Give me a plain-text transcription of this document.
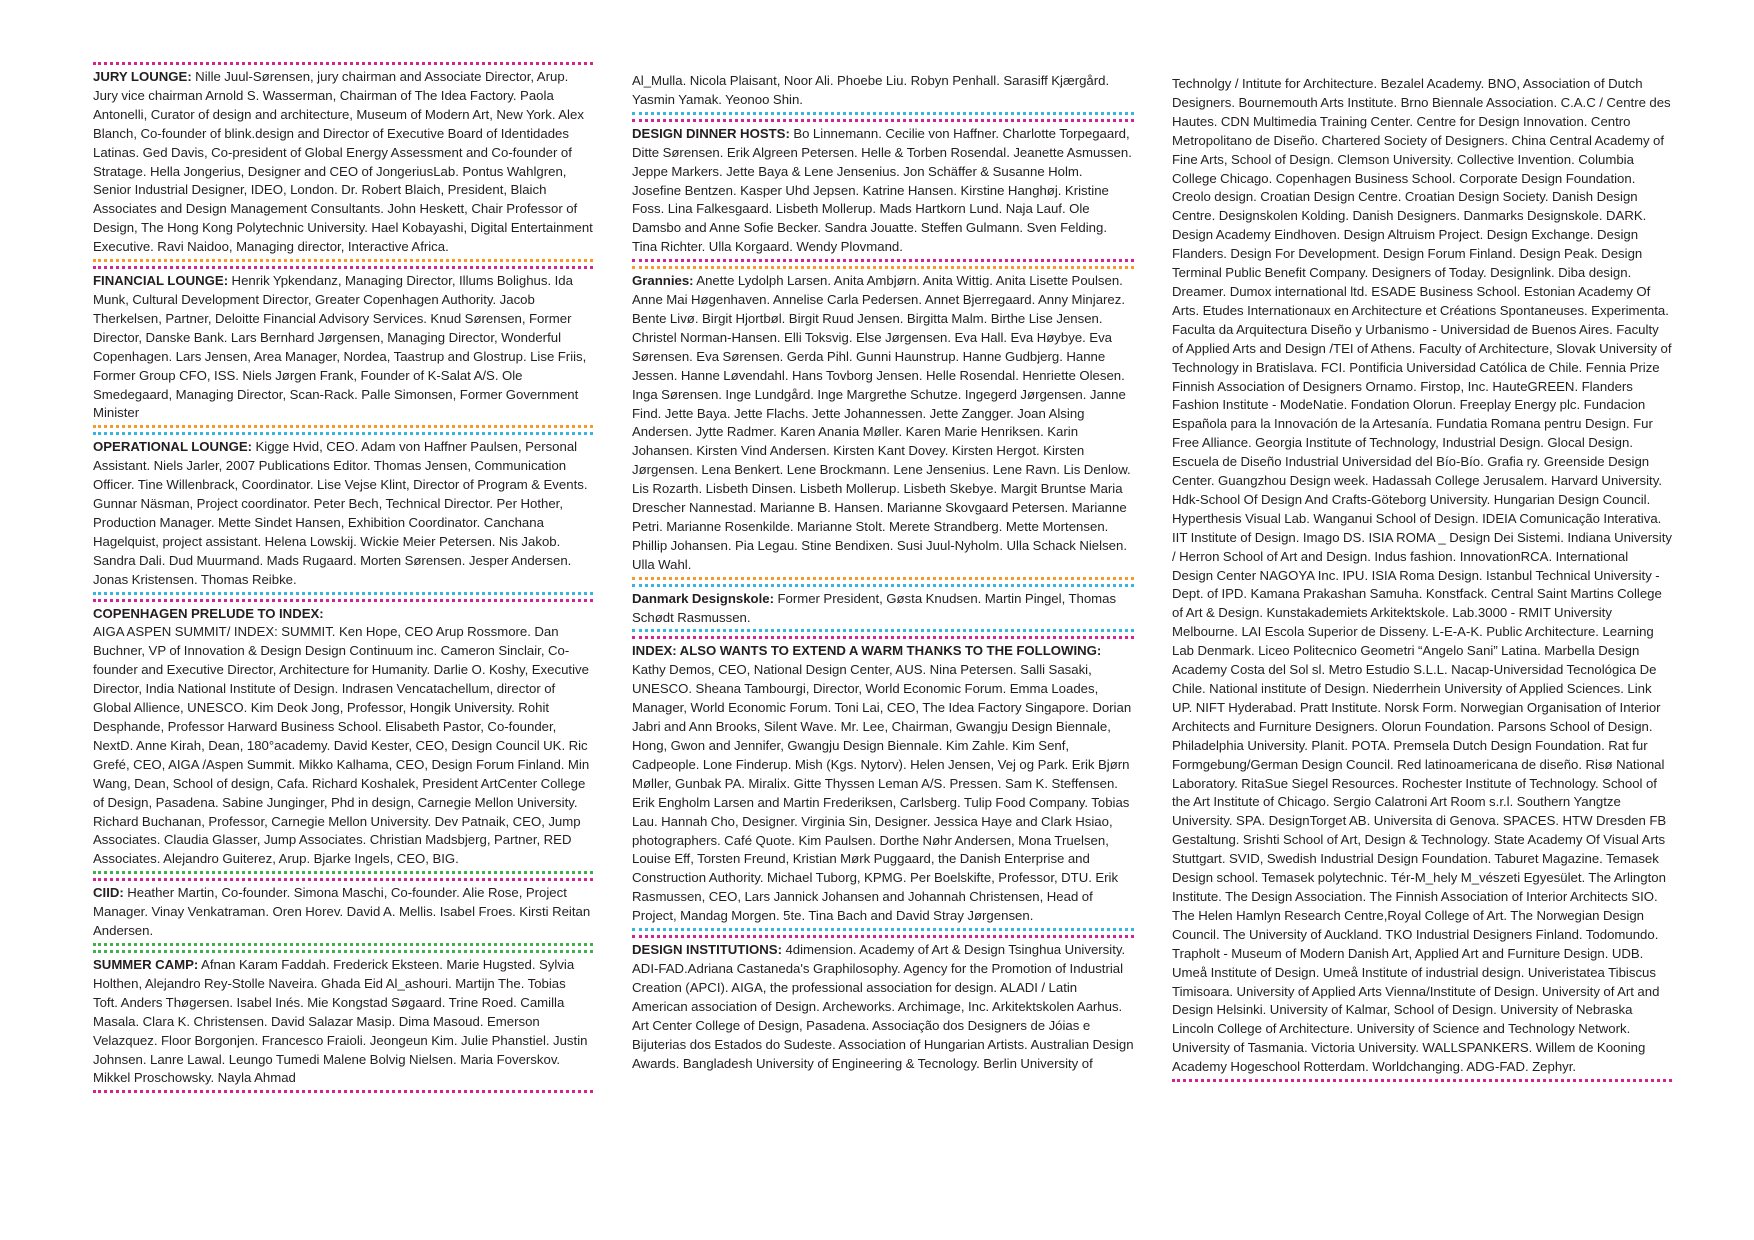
JURY LOUNGE: Nille Juul-Sørensen, jury chairman and Associate Director, Arup. Jury vice chairman Arnold S. Wasserman, Chairman of The Idea Factory. Paola Antonelli, Curator of design and architecture, Museum of Modern Art, New York. Alex Blanch, Co-founder of blink.design and Director of Executive Board of Identidades Latinas. Ged Davis, Co-president of Global Energy Assessment and Co-founder of Stratage. Hella Jongerius, Designer and CEO of JongeriusLab. Pontus Wahlgren, Senior Industrial Designer, IDEO, London. Dr. Robert Blaich, President, Blaich Associates and Design Management Consultants. John Heskett, Chair Professor of Design, The Hong Kong Polytechnic University. Hael Kobayashi, Digital Entertainment Executive. Ravi Naidoo, Managing director, Interactive Africa.
FINANCIAL LOUNGE: Henrik Ypkendanz, Managing Director, Illums Bolighus. Ida Munk, Cultural Development Director, Greater Copenhagen Authority. Jacob Therkelsen, Partner, Deloitte Financial Advisory Services. Knud Sørensen, Former Director, Danske Bank. Lars Bernhard Jørgensen, Managing Director, Wonderful Copenhagen. Lars Jensen, Area Manager, Nordea, Taastrup and Glostrup. Lise Friis, Former Group CFO, ISS. Niels Jørgen Frank, Founder of K-Salat A/S. Ole Smedegaard, Managing Director, Scan-Rack. Palle Simonsen, Former Government Minister
OPERATIONAL LOUNGE: Kigge Hvid, CEO. Adam von Haffner Paulsen, Personal Assistant. Niels Jarler, 2007 Publications Editor. Thomas Jensen, Communication Officer. Tine Willenbrack, Coordinator. Lise Vejse Klint, Director of Program & Events. Gunnar Näsman, Project coordinator. Peter Bech, Technical Director. Per Hother, Production Manager. Mette Sindet Hansen, Exhibition Coordinator. Canchana Hagelquist, project assistant. Helena Lowskij. Wickie Meier Petersen. Nis Jakob. Sandra Dali. Dud Muurmand. Mads Rugaard. Morten Sørensen. Jesper Andersen. Jonas Kristensen. Thomas Reibke.
COPENHAGEN PRELUDE TO INDEX:
AIGA ASPEN SUMMIT/ INDEX: SUMMIT. Ken Hope, CEO Arup Rossmore. Dan Buchner, VP of Innovation & Design Design Continuum inc. Cameron Sinclair, Co-founder and Executive Director, Architecture for Humanity. Darlie O. Koshy, Executive Director, India National Institute of Design. Indrasen Vencatachellum, director of Global Allience, UNESCO. Kim Deok Jong, Professor, Hongik University. Rohit Desphande, Professor Harward Business School. Elisabeth Pastor, Co-founder, NextD. Anne Kirah, Dean, 180°academy. David Kester, CEO, Design Council UK. Ric Grefé, CEO, AIGA /Aspen Summit. Mikko Kalhama, CEO, Design Forum Finland. Min Wang, Dean, School of design, Cafa. Richard Koshalek, President ArtCenter College of Design, Pasadena. Sabine Junginger, Phd in design, Carnegie Mellon University. Richard Buchanan, Professor, Carnegie Mellon University. Dev Patnaik, CEO, Jump Associates. Claudia Glasser, Jump Associates. Christian Madsbjerg, Partner, RED Associates. Alejandro Guiterez, Arup. Bjarke Ingels, CEO, BIG.
CIID: Heather Martin, Co-founder. Simona Maschi, Co-founder. Alie Rose, Project Manager. Vinay Venkatraman. Oren Horev. David A. Mellis. Isabel Froes. Kirsti Reitan Andersen.
SUMMER CAMP: Afnan Karam Faddah. Frederick Eksteen. Marie Hugsted. Sylvia Holthen, Alejandro Rey-Stolle Naveira. Ghada Eid Al_ashouri. Martijn The. Tobias Toft. Anders Thøgersen. Isabel Inés. Mie Kongstad Søgaard. Trine Roed. Camilla Masala. Clara K. Christensen. David Salazar Masip. Dima Masoud. Emerson Velazquez. Floor Borgonjen. Francesco Fraioli. Jeongeun Kim. Julie Phanstiel. Justin Johnsen. Lanre Lawal. Leungo Tumedi Malene Bolvig Nielsen. Maria Foverskov. Mikkel Proschowsky. Nayla Ahmad
Al_Mulla. Nicola Plaisant, Noor Ali. Phoebe Liu. Robyn Penhall. Sarasiff Kjærgård. Yasmin Yamak. Yeonoo Shin.
DESIGN DINNER HOSTS: Bo Linnemann. Cecilie von Haffner. Charlotte Torpegaard, Ditte Sørensen. Erik Algreen Petersen. Helle & Torben Rosendal. Jeanette Asmussen. Jeppe Markers. Jette Baya & Lene Jensenius. Jon Schäffer & Susanne Holm. Josefine Bentzen. Kasper Uhd Jepsen. Katrine Hansen. Kirstine Hanghøj. Kristine Foss. Lina Falkesgaard. Lisbeth Mollerup. Mads Hartkorn Lund. Naja Lauf. Ole Damsbo and Anne Sofie Becker. Sandra Jouatte. Steffen Gulmann. Sven Felding. Tina Richter. Ulla Korgaard. Wendy Plovmand.
Grannies: Anette Lydolph Larsen. Anita Ambjørn. Anita Wittig. Anita Lisette Poulsen. Anne Mai Høgenhaven. Annelise Carla Pedersen. Annet Bjerregaard. Anny Minjarez. Bente Livø. Birgit Hjortbøl. Birgit Ruud Jensen. Birgitta Malm. Birthe Lise Jensen. Christel Norman-Hansen. Elli Toksvig. Else Jørgensen. Eva Hall. Eva Høybye. Eva Sørensen. Eva Sørensen. Gerda Pihl. Gunni Haunstrup. Hanne Gudbjerg. Hanne Jessen. Hanne Løvendahl. Hans Tovborg Jensen. Helle Rosendal. Henriette Olesen. Inga Sørensen. Inge Lundgård. Inge Margrethe Schutze. Ingegerd Jørgensen. Janne Find. Jette Baya. Jette Flachs. Jette Johannessen. Jette Zangger. Joan Alsing Andersen. Jytte Radmer. Karen Anania Møller. Karen Marie Henriksen. Karin Johansen. Kirsten Vind Andersen. Kirsten Kant Dovey. Kirsten Hergot. Kirsten Jørgensen. Lena Benkert. Lene Brockmann. Lene Jensenius. Lene Ravn. Lis Denlow. Lis Rozarth. Lisbeth Dinsen. Lisbeth Mollerup. Lisbeth Skebye. Margit Bruntse Maria Drescher Nannestad. Marianne B. Hansen. Marianne Skovgaard Petersen. Marianne Petri. Marianne Rosenkilde. Marianne Stolt. Merete Strandberg. Mette Mortensen. Phillip Johansen. Pia Legau. Stine Bendixen. Susi Juul-Nyholm. Ulla Schack Nielsen. Ulla Wahl.
Danmark Designskole: Former President, Gøsta Knudsen. Martin Pingel, Thomas Schødt Rasmussen.
INDEX: ALSO WANTS TO EXTEND A WARM THANKS TO THE FOLLOWING: Kathy Demos, CEO, National Design Center, AUS. Nina Petersen. Salli Sasaki, UNESCO. Sheana Tambourgi, Director, World Economic Forum. Emma Loades, Manager, World Economic Forum. Toni Lai, CEO, The Idea Factory Singapore. Dorian Jabri and Ann Brooks, Silent Wave. Mr. Lee, Chairman, Gwangju Design Biennale, Hong, Gwon and Jennifer, Gwangju Design Biennale. Kim Zahle. Kim Senf, Cadpeople. Lone Finderup. Mish (Kgs. Nytorv). Helen Jensen, Vej og Park. Erik Bjørn Møller, Gunbak PA. Miralix. Gitte Thyssen Leman A/S. Pressen. Sam K. Steffensen. Erik Engholm Larsen and Martin Frederiksen, Carlsberg. Tulip Food Company. Tobias Lau. Hannah Cho, Designer. Virginia Sin, Designer. Jessica Haye and Clark Hsiao, photographers. Café Quote. Kim Paulsen. Dorthe Nøhr Andersen, Mona Truelsen, Louise Eff, Torsten Freund, Kristian Mørk Puggaard, the Danish Enterprise and Construction Authority. Michael Tuborg, KPMG. Per Boelskifte, Professor, DTU. Erik Rasmussen, CEO, Lars Jannick Johansen and Johannah Christensen, Head of Project, Mandag Morgen. 5te. Tina Bach and David Stray Jørgensen.
DESIGN INSTITUTIONS: 4dimension. Academy of Art & Design Tsinghua University. ADI-FAD.Adriana Castaneda's Graphilosophy. Agency for the Promotion of Industrial Creation (APCI). AIGA, the professional association for design. ALADI / Latin American association of Design. Archeworks. Archimage, Inc. Arkitektskolen Aarhus. Art Center College of Design, Pasadena. Associação dos Designers de Jóias e Bijuterias dos Estados do Sudeste. Association of Hungarian Artists. Australian Design Awards. Bangladesh University of Engineering & Tecnology. Berlin University of
Technolgy / Intitute for Architecture. Bezalel Academy. BNO, Association of Dutch Designers. Bournemouth Arts Institute. Brno Biennale Association. C.A.C / Centre des Hautes. CDN Multimedia Training Center. Centre for Design Innovation. Centro Metropolitano de Diseño. Chartered Society of Designers. China Central Academy of Fine Arts, School of Design. Clemson University. Collective Invention. Columbia College Chicago. Copenhagen Business School. Corporate Design Foundation. Creolo design. Croatian Design Centre. Croatian Design Society. Danish Design Centre. Designskolen Kolding. Danish Designers. Danmarks Designskole. DARK. Design Academy Eindhoven. Design Altruism Project. Design Exchange. Design Flanders. Design For Development. Design Forum Finland. Design Peak. Design Terminal Public Benefit Company. Designers of Today. Designlink. Diba design. Dreamer. Dumox international ltd. ESADE Business School. Estonian Academy Of Arts. Etudes Internationaux en Architecture et Créations Spontaneuses. Experimenta. Faculta da Arquitectura Diseño y Urbanismo - Universidad de Buenos Aires. Faculty of Applied Arts and Design /TEI of Athens. Faculty of Architecture, Slovak University of Technology in Bratislava. FCI. Pontificia Universidad Católica de Chile. Fennia Prize Finnish Association of Designers Ornamo. Firstop, Inc. HauteGREEN. Flanders Fashion Institute - ModeNatie. Fondation Olorun. Freeplay Energy plc. Fundacion Española para la Innovación de la Artesanía. Fundatia Romana pentru Design. Fur Free Alliance. Georgia Institute of Technology, Industrial Design. Glocal Design. Escuela de Diseño Industrial Universidad del Bío-Bío. Grafia ry. Greenside Design Center. Guangzhou Design week. Hadassah College Jerusalem. Harvard University. Hdk-School Of Design And Crafts-Göteborg University. Hungarian Design Council. Hyperthesis Visual Lab. Wanganui School of Design. IDEIA Comunicação Interativa. IIT Institute of Design. Imago DS. ISIA ROMA _ Design Dei Sistemi. Indiana University / Herron School of Art and Design. Indus fashion. InnovationRCA. International Design Center NAGOYA Inc. IPU. ISIA Roma Design. Istanbul Technical University - Dept. of IPD. Kamana Prakashan Samuha. Konstfack. Central Saint Martins College of Art & Design. Kunstakademiets Arkitektskole. Lab.3000 - RMIT University Melbourne. LAI Escola Superior de Disseny. L-E-A-K. Public Architecture. Learning Lab Denmark. Liceo Politecnico Geometri “Angelo Sani” Latina. Marbella Design Academy Costa del Sol sl. Metro Estudio S.L.L. Nacap-Universidad Tecnológica De Chile. National institute of Design. Niederrhein University of Applied Sciences. Link UP. NIFT Hyderabad. Pratt Institute. Norsk Form. Norwegian Organisation of Interior Architects and Furniture Designers. Olorun Foundation. Parsons School of Design. Philadelphia University. Planit. POTA. Premsela Dutch Design Foundation. Rat fur Formgebung/German Design Council. Red latinoamericana de diseño. Risø National Laboratory. RitaSue Siegel Resources. Rochester Institute of Technology. School of the Art Institute of Chicago. Sergio Calatroni Art Room s.r.l. Southern Yangtze University. SPA. DesignTorget AB. Universita di Genova. SPACES. HTW Dresden FB Gestaltung. Srishti School of Art, Design & Technology. State Academy Of Visual Arts Stuttgart. SVID, Swedish Industrial Design Foundation. Taburet Magazine. Temasek Design school. Temasek polytechnic. Tér-M_hely M_vészeti Egyesület. The Arlington Institute. The Design Association. The Finnish Association of Interior Architects SIO. The Helen Hamlyn Research Centre,Royal College of Art. The Norwegian Design Council. The University of Auckland. TKO Industrial Designers Finland. Todomundo. Trapholt - Museum of Modern Danish Art, Applied Art and Furniture Design. UDB. Umeå Institute of Design. Umeå Institute of industrial design. Univeristatea Tibiscus Timisoara. University of Applied Arts Vienna/Institute of Design. University of Art and Design Helsinki. University of Kalmar, School of Design. University of Nebraska Lincoln College of Architecture. University of Science and Technology Network. University of Tasmania. Victoria University. WALLSPANKERS. Willem de Kooning Academy Hogeschool Rotterdam. Worldchanging. ADG-FAD. Zephyr.
